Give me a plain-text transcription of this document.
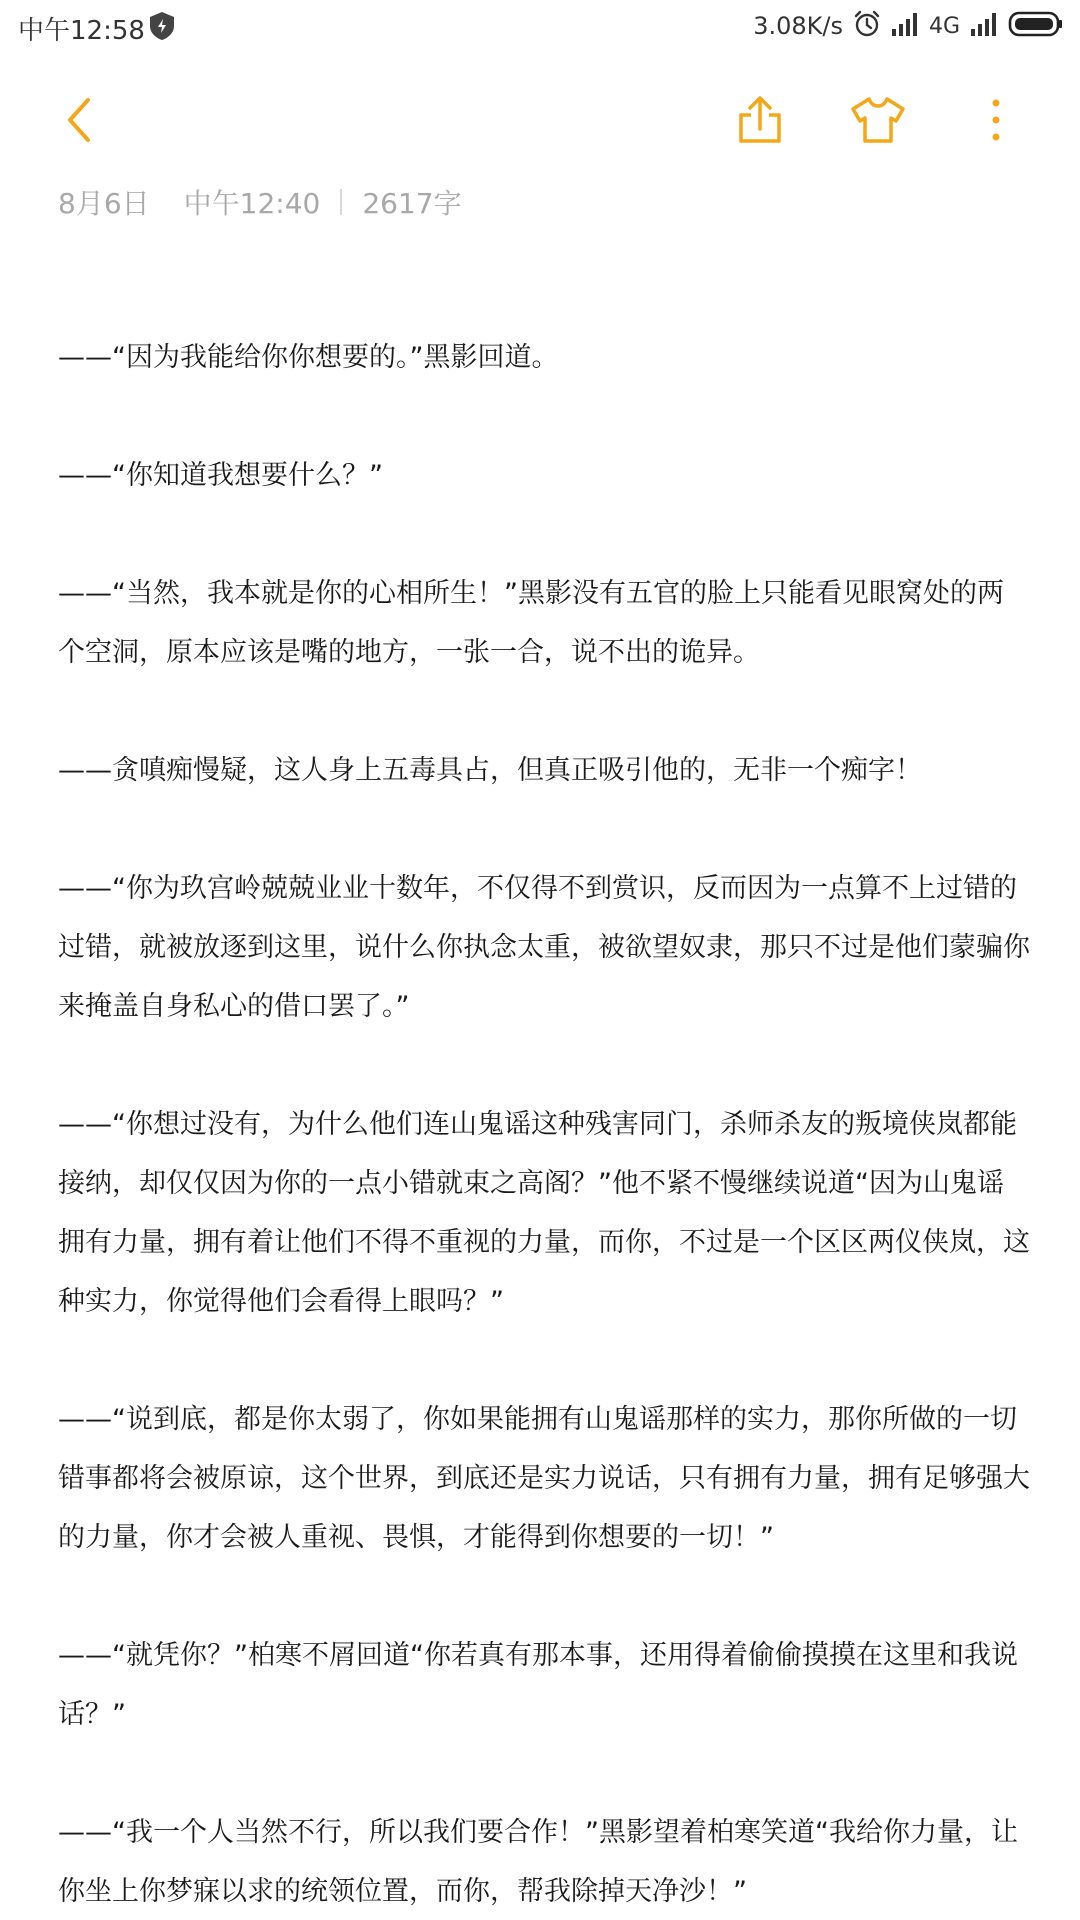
中午12:58	3.08K/s	4G
8月6日 中午12:40 2617字

——“因为我能给你你想要的。”黑影回道。

——“你知道我想要什么？”

——“当然，我本就是你的心相所生！”黑影没有五官的脸上只能看见眼窝处的两个空洞，原本应该是嘴的地方，一张一合，说不出的诡异。

——贪嗔痴慢疑，这人身上五毒具占，但真正吸引他的，无非一个痴字！

——“你为玖宫岭兢兢业业十数年，不仅得不到赏识，反而因为一点算不上过错的过错，就被放逐到这里，说什么你执念太重，被欲望奴隶，那只不过是他们蒙骗你来掩盖自身私心的借口罢了。”

——“你想过没有，为什么他们连山鬼谣这种残害同门，杀师杀友的叛境侠岚都能接纳，却仅仅因为你的一点小错就束之高阁？”他不紧不慢继续说道“因为山鬼谣拥有力量，拥有着让他们不得不重视的力量，而你，不过是一个区区两仪侠岚，这种实力，你觉得他们会看得上眼吗？”

——“说到底，都是你太弱了，你如果能拥有山鬼谣那样的实力，那你所做的一切错事都将会被原谅，这个世界，到底还是实力说话，只有拥有力量，拥有足够强大的力量，你才会被人重视、畏惧，才能得到你想要的一切！”

——“就凭你？”柏寒不屑回道“你若真有那本事，还用得着偷偷摸摸在这里和我说话？”

——“我一个人当然不行，所以我们要合作！”黑影望着柏寒笑道“我给你力量，让你坐上你梦寐以求的统领位置，而你，帮我除掉天净沙！”
